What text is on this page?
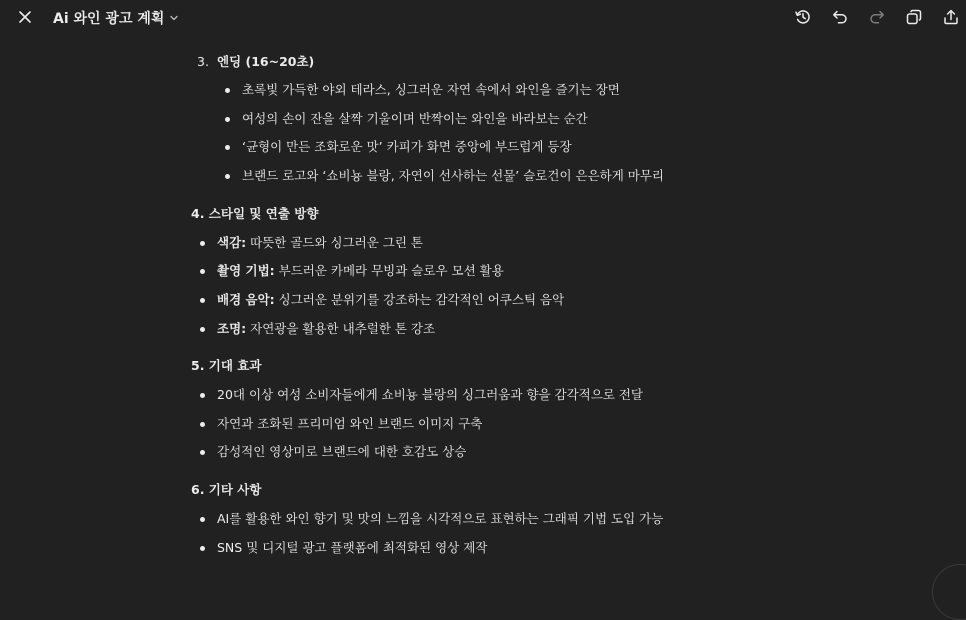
Ai 와인 광고 계획
3. 엔딩 (16~20초)
초록빛 가득한 야외 테라스, 싱그러운 자연 속에서 와인을 즐기는 장면
여성의 손이 잔을 살짝 기울이며 반짝이는 와인을 바라보는 순간
‘균형이 만든 조화로운 맛’ 카피가 화면 중앙에 부드럽게 등장
브랜드 로고와 ‘쇼비뇽 블랑, 자연이 선사하는 선물’ 슬로건이 은은하게 마무리
4. 스타일 및 연출 방향
색감: 따뜻한 골드와 싱그러운 그린 톤
촬영 기법: 부드러운 카메라 무빙과 슬로우 모션 활용
배경 음악: 싱그러운 분위기를 강조하는 감각적인 어쿠스틱 음악
조명: 자연광을 활용한 내추럴한 톤 강조
5. 기대 효과
20대 이상 여성 소비자들에게 쇼비뇽 블랑의 싱그러움과 향을 감각적으로 전달
자연과 조화된 프리미엄 와인 브랜드 이미지 구축
감성적인 영상미로 브랜드에 대한 호감도 상승
6. 기타 사항
AI를 활용한 와인 향기 및 맛의 느낌을 시각적으로 표현하는 그래픽 기법 도입 가능
SNS 및 디지털 광고 플랫폼에 최적화된 영상 제작
